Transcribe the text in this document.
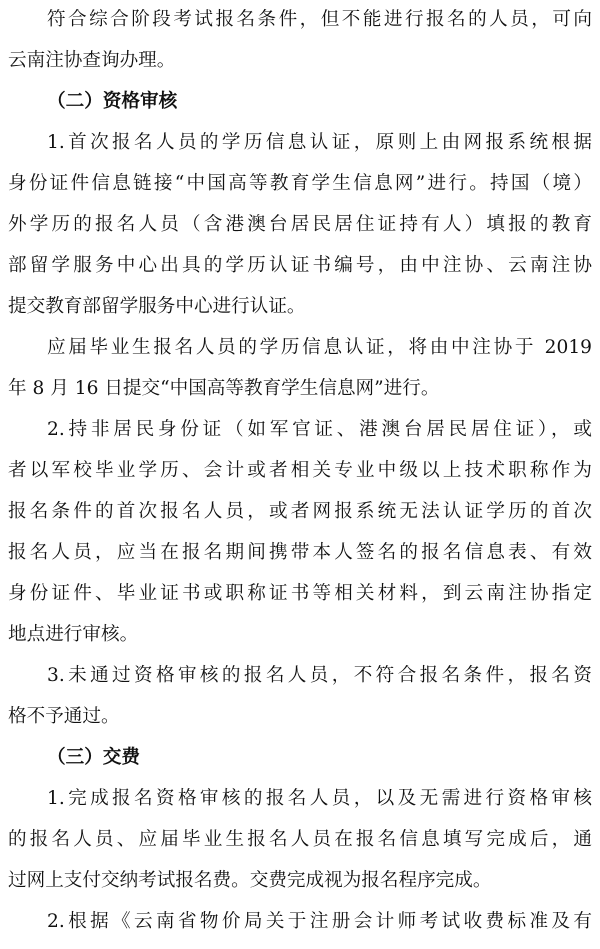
符合综合阶段考试报名条件，但不能进行报名的人员，可向
云南注协查询办理。
（二）资格审核
1.首次报名人员的学历信息认证，原则上由网报系统根据
身份证件信息链接“中国高等教育学生信息网”进行。持国（境）
外学历的报名人员（含港澳台居民居住证持有人）填报的教育
部留学服务中心出具的学历认证书编号，由中注协、云南注协
提交教育部留学服务中心进行认证。
应届毕业生报名人员的学历信息认证，将由中注协于 2019
年 8 月 16 日提交“中国高等教育学生信息网”进行。
2.持非居民身份证（如军官证、港澳台居民居住证），或
者以军校毕业学历、会计或者相关专业中级以上技术职称作为
报名条件的首次报名人员，或者网报系统无法认证学历的首次
报名人员，应当在报名期间携带本人签名的报名信息表、有效
身份证件、毕业证书或职称证书等相关材料，到云南注协指定
地点进行审核。
3.未通过资格审核的报名人员，不符合报名条件，报名资
格不予通过。
（三）交费
1.完成报名资格审核的报名人员，以及无需进行资格审核
的报名人员、应届毕业生报名人员在报名信息填写完成后，通
过网上支付交纳考试报名费。交费完成视为报名程序完成。
2.根据《云南省物价局关于注册会计师考试收费标准及有
